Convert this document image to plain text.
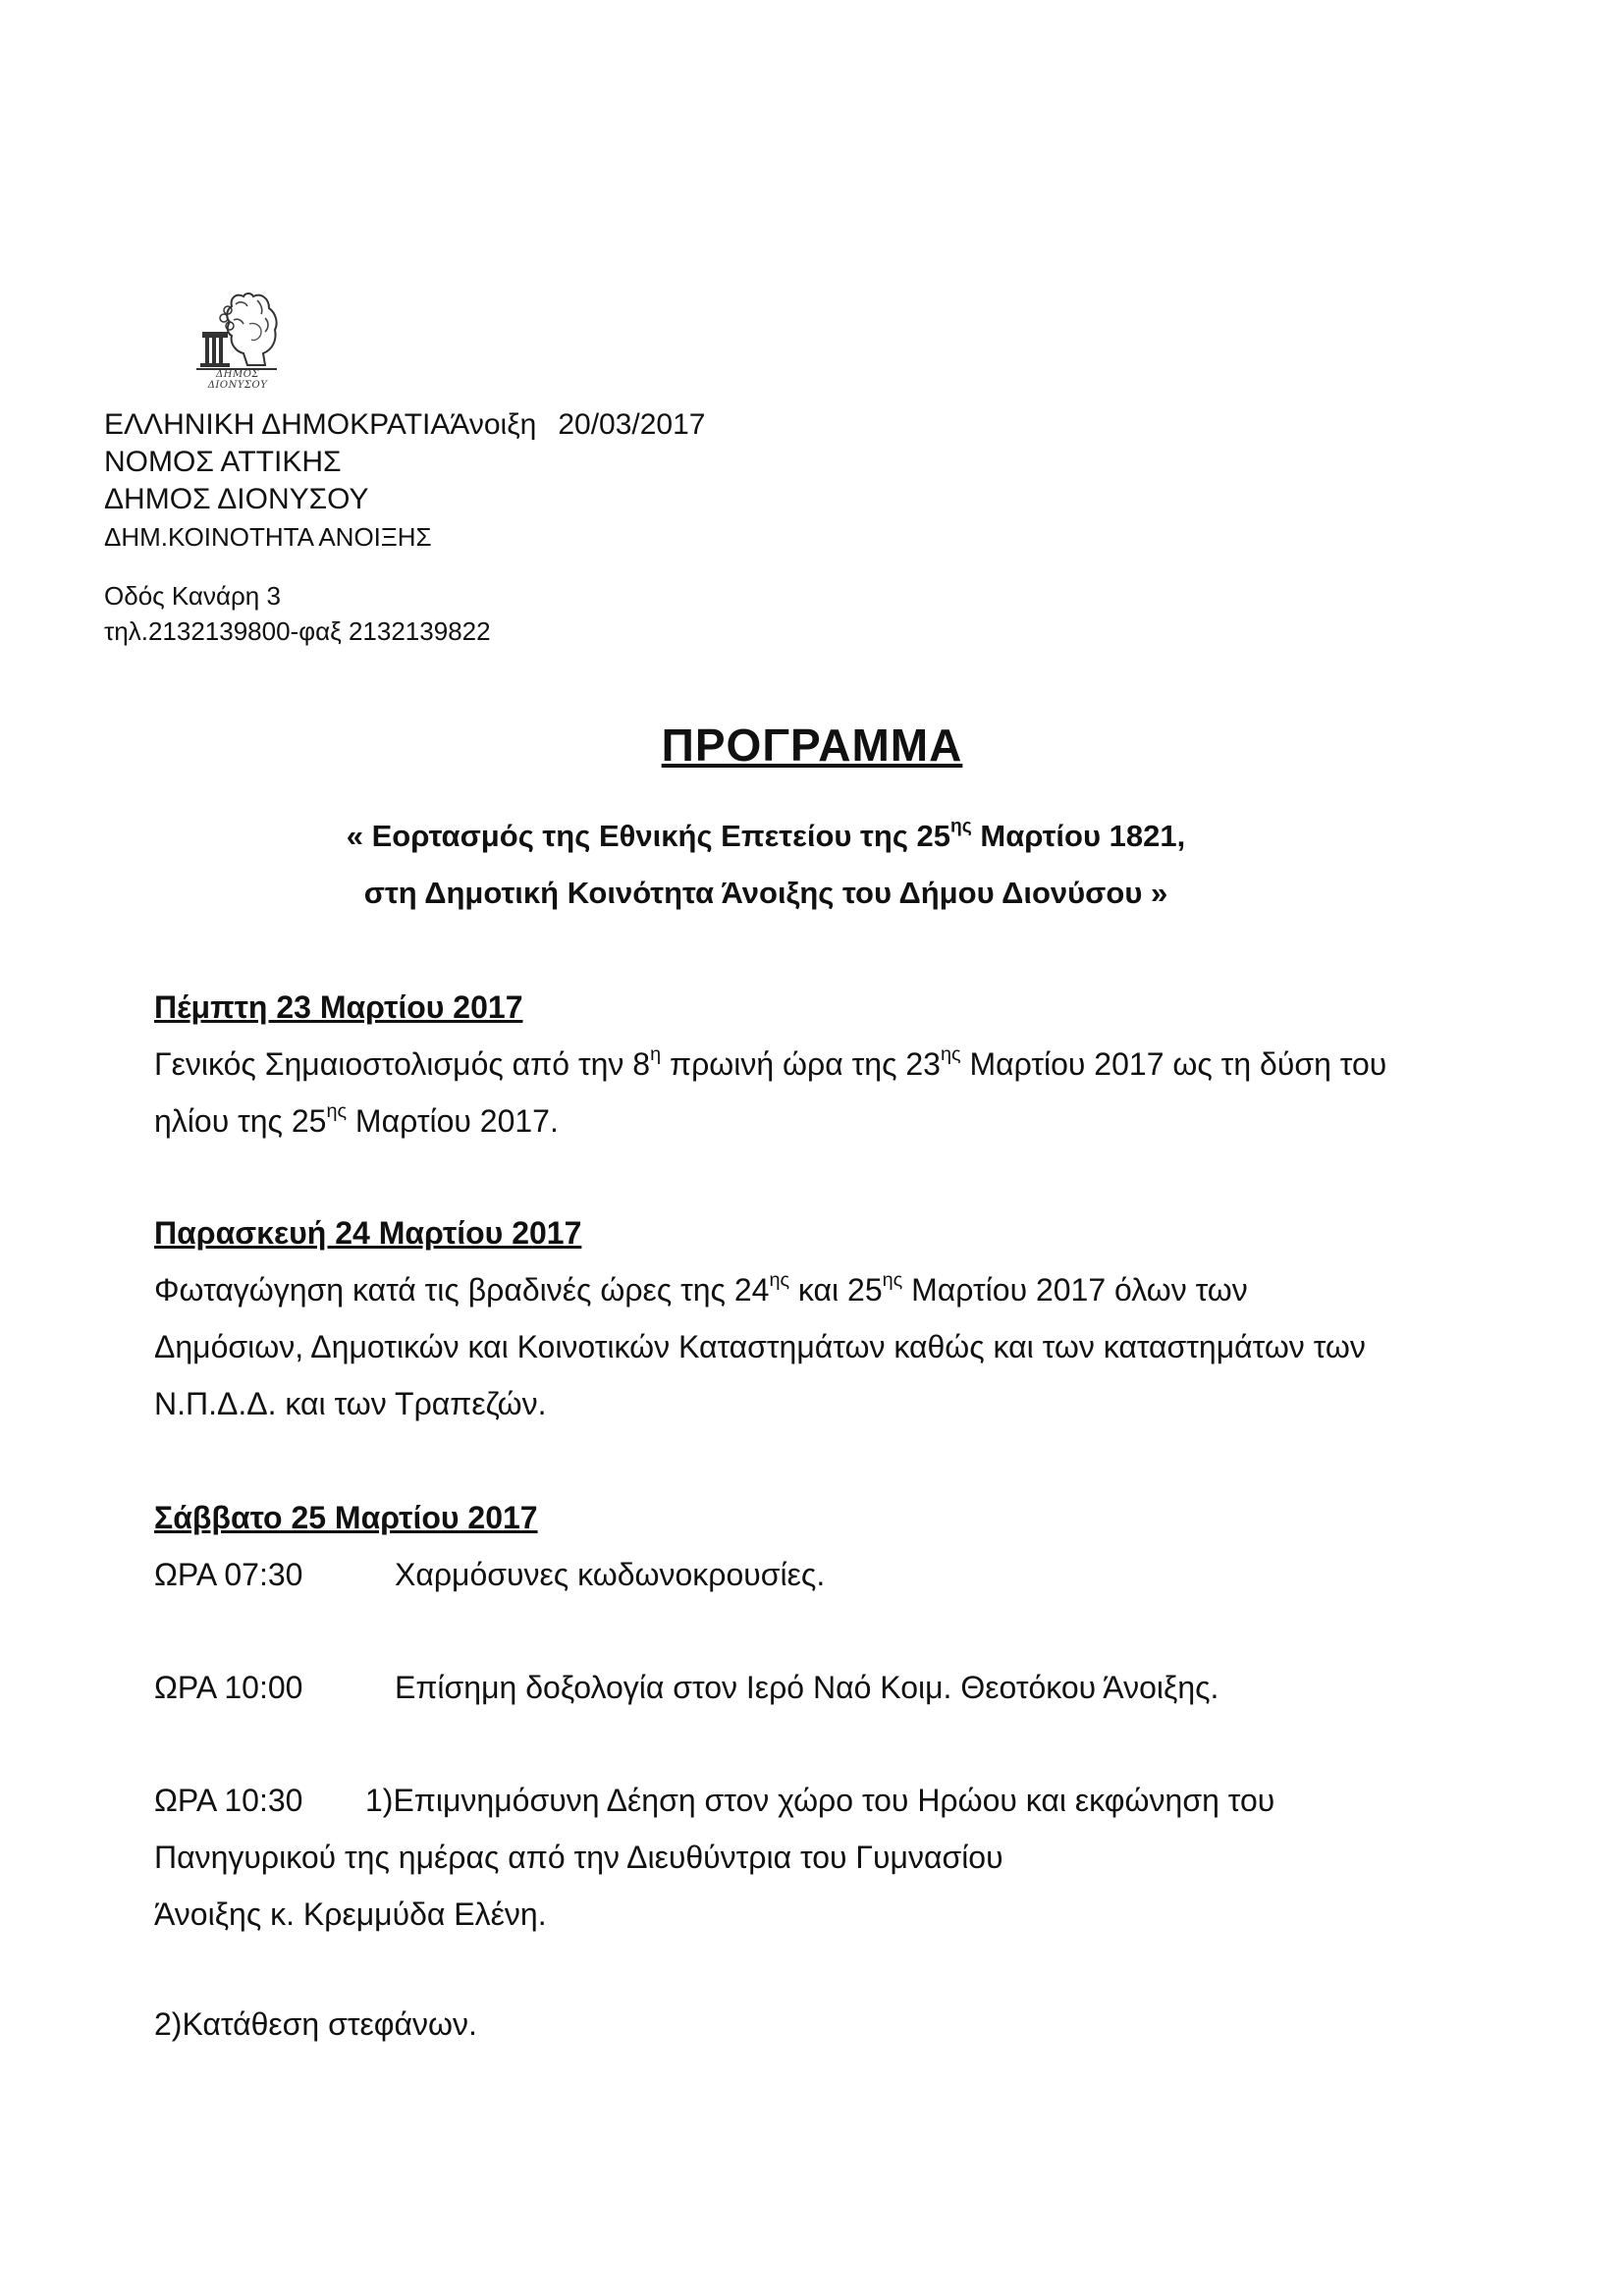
ΔΗΜΟΣ ΔΙΟΝΥΣΟΥ
ΕΛΛΗΝΙΚΗ ΔΗΜΟΚΡΑΤΙΑΆνοιξη 20/03/2017
ΝΟΜΟΣ ΑΤΤΙΚΗΣ
ΔΗΜΟΣ ΔΙΟΝΥΣΟΥ
ΔΗΜ.ΚΟΙΝΟΤΗΤΑ ΑΝΟΙΞΗΣ
Οδός Κανάρη 3
τηλ.2132139800-φαξ 2132139822
ΠΡΟΓΡΑΜΜΑ
« Εορτασμός της Εθνικής Επετείου της $25^{\eta\varsigma}$ Μαρτίου 1821,
στη Δημοτική Κοινότητα Άνοιξης του Δήμου Διονύσου »
Πέμπτη 23 Μαρτίου 2017
Γενικός Σημαιοστολισμός από την $8^\eta$ πρωινή ώρα της $23^{\eta\varsigma}$ Μαρτίου 2017 ως τη δύση του
ηλίου της $25^{\eta\varsigma}$ Μαρτίου 2017.
Παρασκευή 24 Μαρτίου 2017
Φωταγώγηση κατά τις βραδινές ώρες της $24^{\eta\varsigma}$ και $25^{\eta\varsigma}$ Μαρτίου 2017 όλων των
Δημόσιων, Δημοτικών και Κοινοτικών Καταστημάτων καθώς και των καταστημάτων των
Ν.Π.Δ.Δ. και των Τραπεζών.
Σάββατο 25 Μαρτίου 2017
ΩΡΑ 07:30	Χαρμόσυνες κωδωνοκρουσίες.
ΩΡΑ 10:00	Επίσημη δοξολογία στον Ιερό Ναό Κοιμ. Θεοτόκου Άνοιξης.
ΩΡΑ 10:30 1)Επιμνημόσυνη Δέηση στον χώρο του Ηρώου και εκφώνηση του
Πανηγυρικού της ημέρας από την Διευθύντρια του Γυμνασίου
Άνοιξης κ. Κρεμμύδα Ελένη.
2)Κατάθεση στεφάνων.
